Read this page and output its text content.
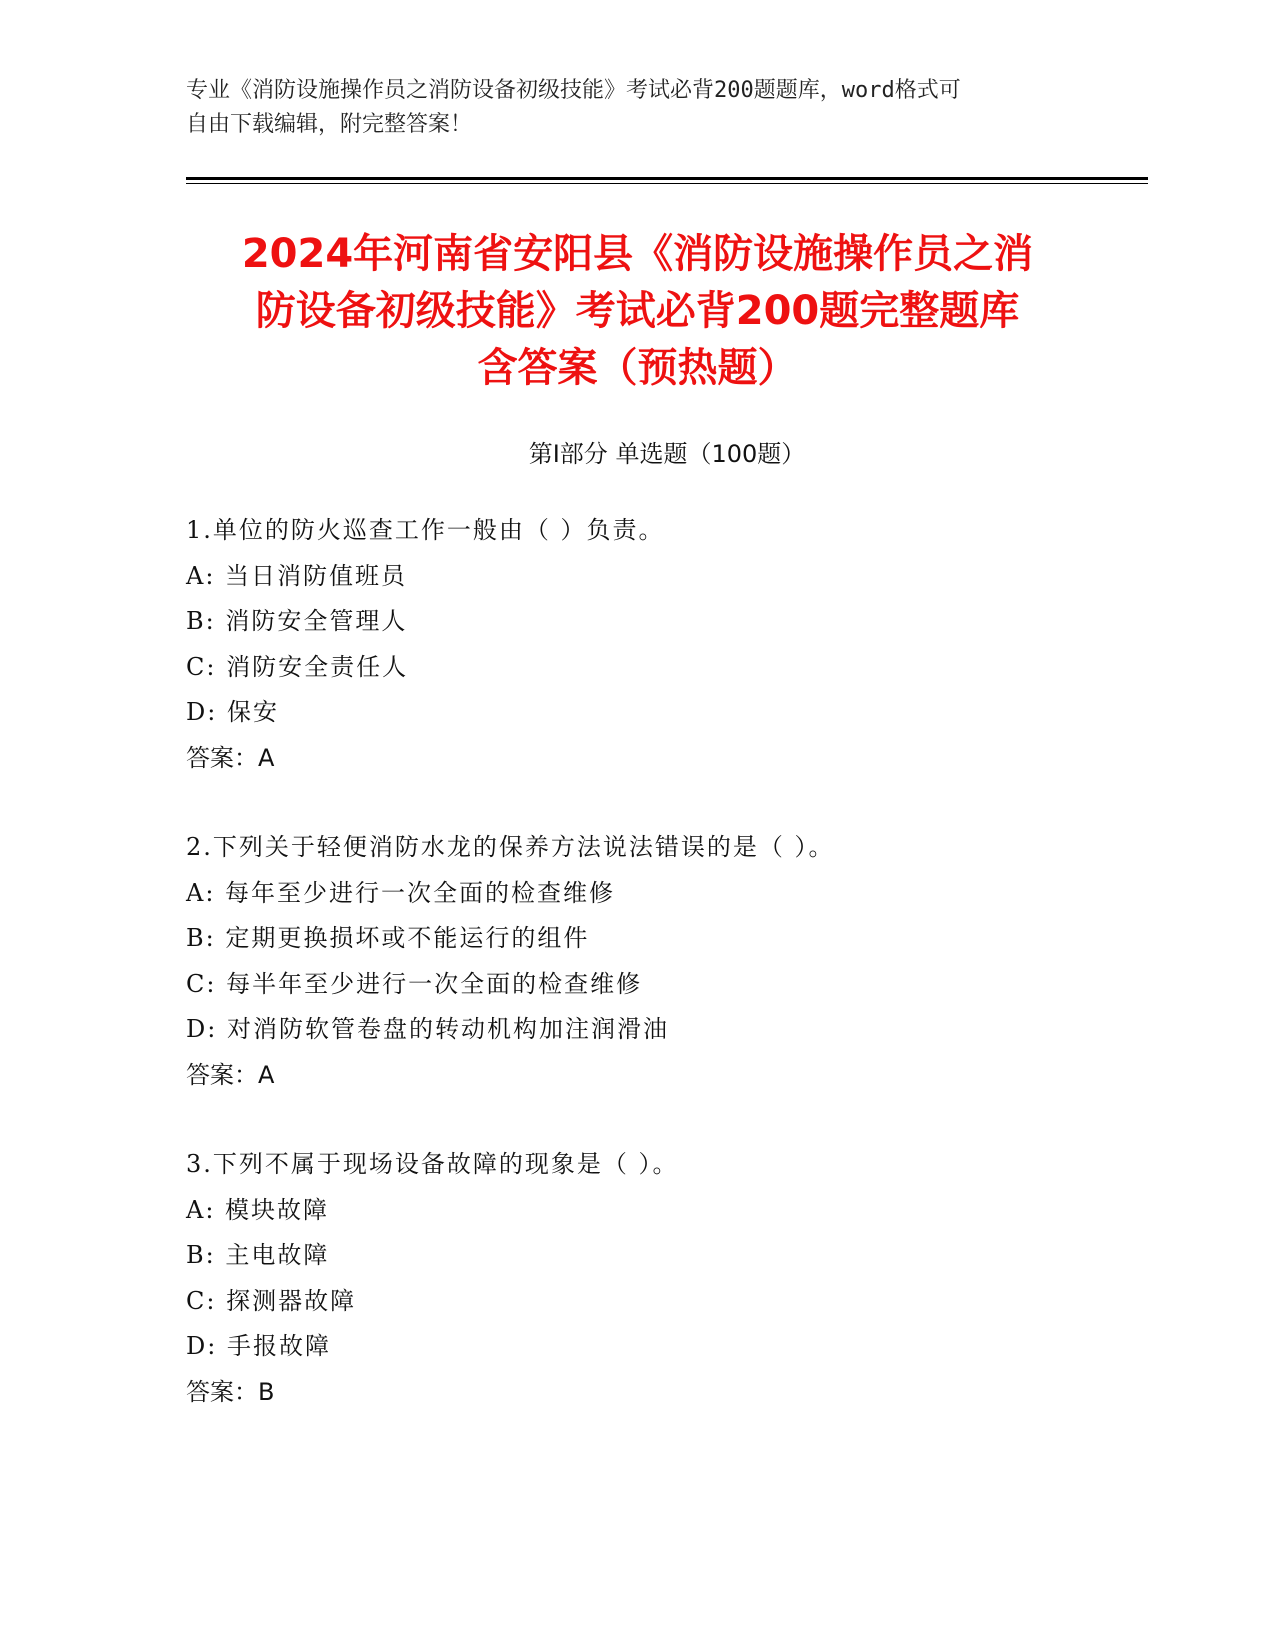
专业《消防设施操作员之消防设备初级技能》考试必背200题题库，word格式可
自由下载编辑，附完整答案！
2024年河南省安阳县《消防设施操作员之消
防设备初级技能》考试必背200题完整题库
含答案（预热题）
第Ⅰ部分 单选题（100题）
1.单位的防火巡查工作一般由（ ）负责。
A: 当日消防值班员
B: 消防安全管理人
C: 消防安全责任人
D: 保安
答案：A
2.下列关于轻便消防水龙的保养方法说法错误的是（ ）。
A: 每年至少进行一次全面的检查维修
B: 定期更换损坏或不能运行的组件
C: 每半年至少进行一次全面的检查维修
D: 对消防软管卷盘的转动机构加注润滑油
答案：A
3.下列不属于现场设备故障的现象是（ ）。
A: 模块故障
B: 主电故障
C: 探测器故障
D: 手报故障
答案：B
